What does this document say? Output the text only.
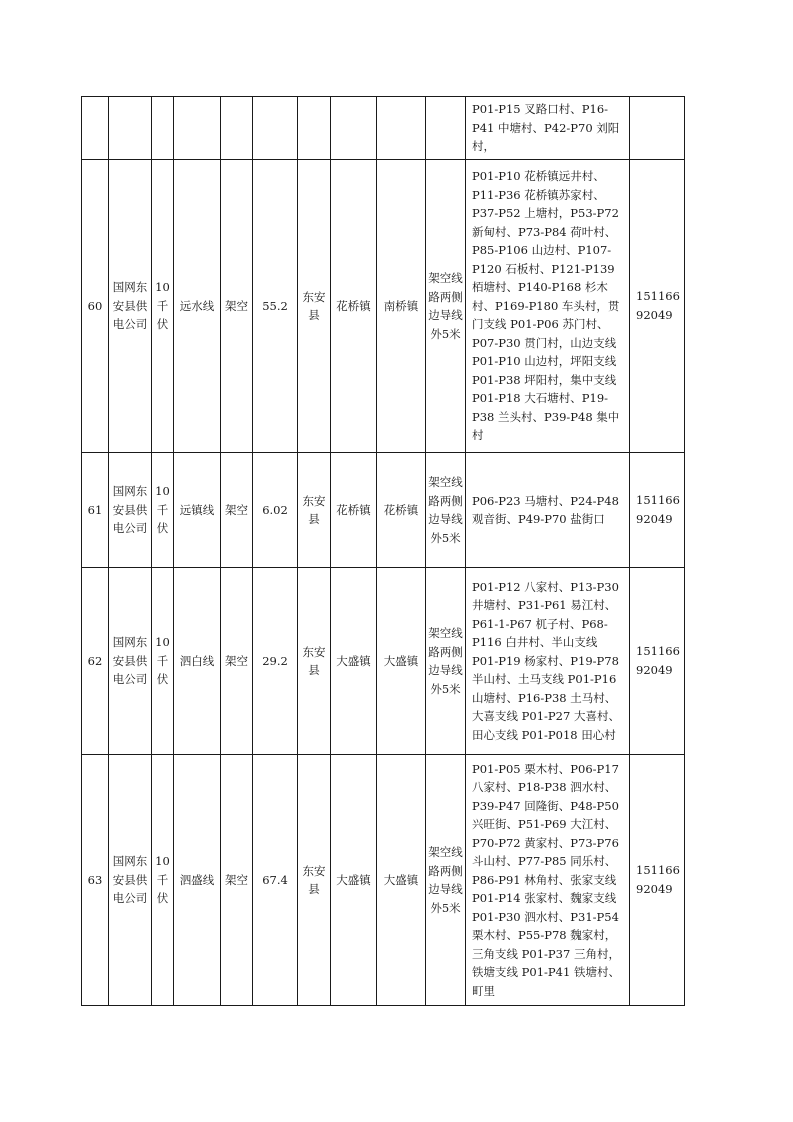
										P01-P15 叉路口村、P16-P41 中塘村、P42-P70 刘阳村，	
60	国网东安县供电公司	10千伏	远水线	架空	55.2	东安县	花桥镇	南桥镇	架空线路两侧边导线外5米	P01-P10 花桥镇远井村、P11-P36 花桥镇苏家村、P37-P52 上塘村，P53-P72 新甸村、P73-P84 荷叶村、P85-P106 山边村、P107-P120 石板村、P121-P139 栢塘村、P140-P168 杉木村、P169-P180 车头村，贯门支线 P01-P06 苏门村、P07-P30 贯门村，山边支线 P01-P10 山边村，坪阳支线 P01-P38 坪阳村，集中支线 P01-P18 大石塘村、P19-P38 兰头村、P39-P48 集中村	15116692049
61	国网东安县供电公司	10千伏	远镇线	架空	6.02	东安县	花桥镇	花桥镇	架空线路两侧边导线外5米	P06-P23 马塘村、P24-P48 观音街、P49-P70 盐街口	15116692049
62	国网东安县供电公司	10千伏	泗白线	架空	29.2	东安县	大盛镇	大盛镇	架空线路两侧边导线外5米	P01-P12 八家村、P13-P30 井塘村、P31-P61 易江村、P61-1-P67 杌子村、P68-P116 白井村、半山支线 P01-P19 杨家村、P19-P78 半山村、土马支线 P01-P16 山塘村、P16-P38 土马村、大喜支线 P01-P27 大喜村、田心支线 P01-P018 田心村	15116692049
63	国网东安县供电公司	10千伏	泗盛线	架空	67.4	东安县	大盛镇	大盛镇	架空线路两侧边导线外5米	P01-P05 栗木村、P06-P17 八家村、P18-P38 泗水村、P39-P47 回隆街、P48-P50 兴旺街、P51-P69 大江村、P70-P72 黄家村、P73-P76 斗山村、P77-P85 同乐村、P86-P91 林角村、张家支线 P01-P14 张家村、魏家支线 P01-P30 泗水村、P31-P54 栗木村、P55-P78 魏家村，三角支线 P01-P37 三角村，铁塘支线 P01-P41 铁塘村、町里	15116692049
